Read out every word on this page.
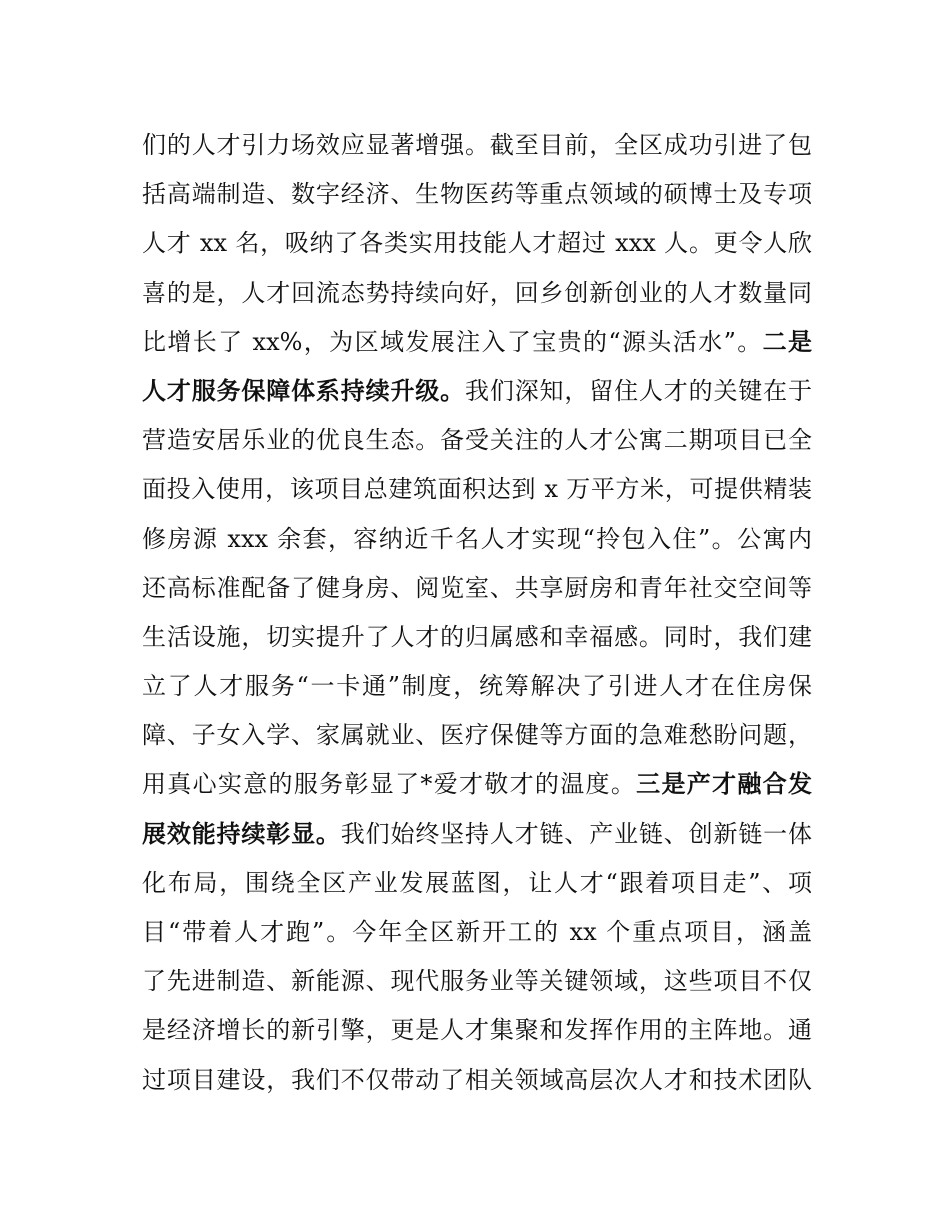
们的人才引力场效应显著增强。截至目前，全区成功引进了包
括高端制造、数字经济、生物医药等重点领域的硕博士及专项
人才 xx 名，吸纳了各类实用技能人才超过 xxx 人。更令人欣
喜的是，人才回流态势持续向好，回乡创新创业的人才数量同
比增长了 xx%，为区域发展注入了宝贵的“源头活水”。二是
人才服务保障体系持续升级。我们深知，留住人才的关键在于
营造安居乐业的优良生态。备受关注的人才公寓二期项目已全
面投入使用，该项目总建筑面积达到 x 万平方米，可提供精装
修房源 xxx 余套，容纳近千名人才实现“拎包入住”。公寓内
还高标准配备了健身房、阅览室、共享厨房和青年社交空间等
生活设施，切实提升了人才的归属感和幸福感。同时，我们建
立了人才服务“一卡通”制度，统筹解决了引进人才在住房保
障、子女入学、家属就业、医疗保健等方面的急难愁盼问题，
用真心实意的服务彰显了*爱才敬才的温度。三是产才融合发
展效能持续彰显。我们始终坚持人才链、产业链、创新链一体
化布局，围绕全区产业发展蓝图，让人才“跟着项目走”、项
目“带着人才跑”。今年全区新开工的 xx 个重点项目，涵盖
了先进制造、新能源、现代服务业等关键领域，这些项目不仅
是经济增长的新引擎，更是人才集聚和发挥作用的主阵地。通
过项目建设，我们不仅带动了相关领域高层次人才和技术团队
